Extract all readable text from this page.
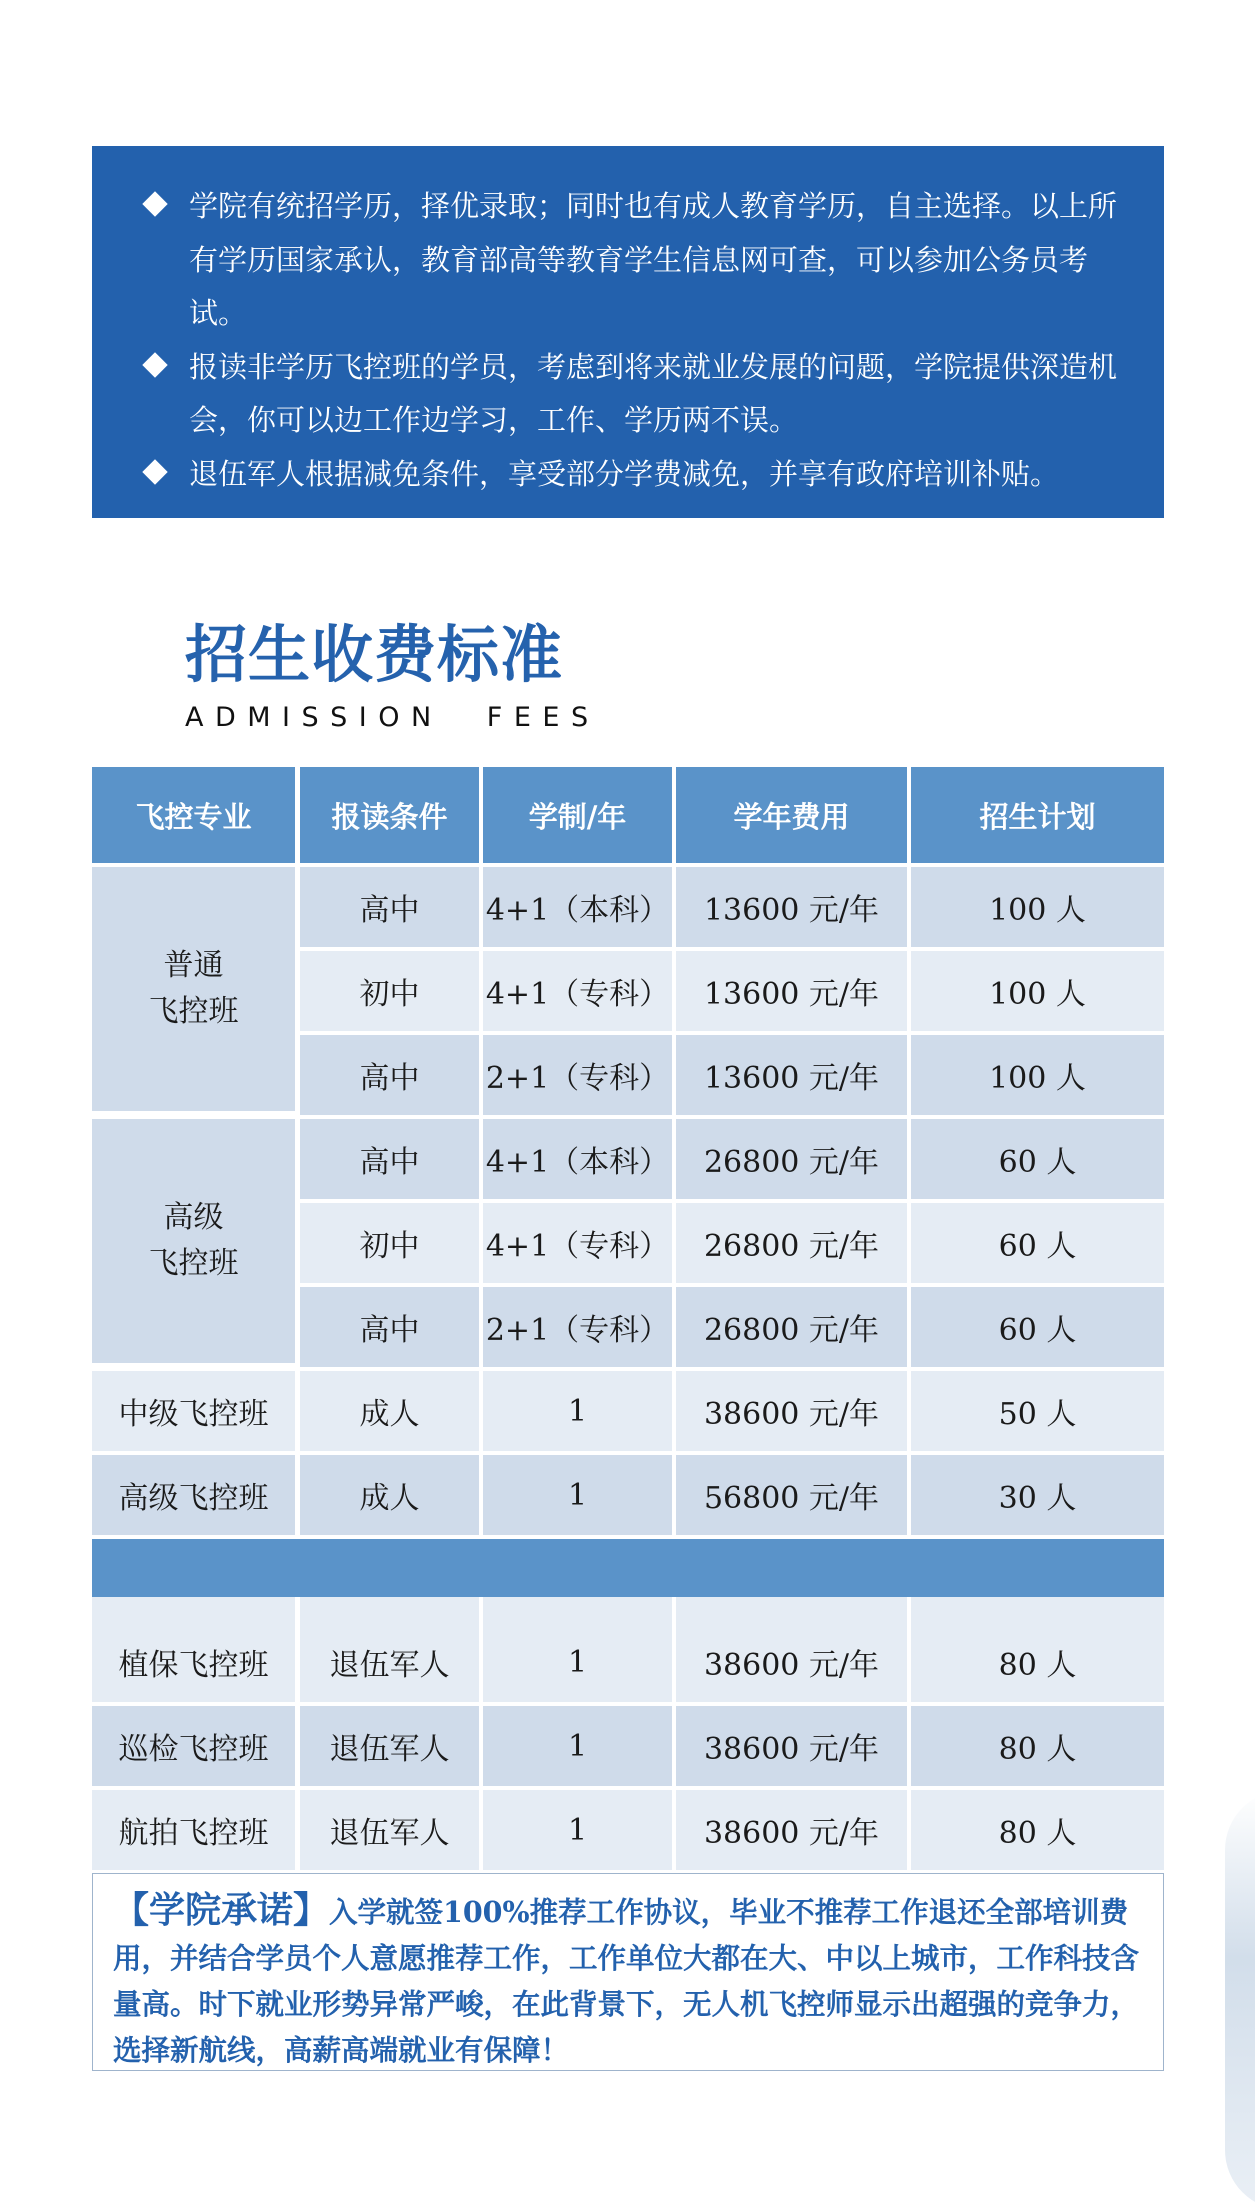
学院有统招学历，择优录取；同时也有成人教育学历，自主选择。以上所有学历国家承认，教育部高等教育学生信息网可查，可以参加公务员考试。
报读非学历飞控班的学员，考虑到将来就业发展的问题，学院提供深造机会，你可以边工作边学习，工作、学历两不误。
退伍军人根据减免条件，享受部分学费减免，并享有政府培训补贴。
招生收费标准
ADMISSION FEES
飞控专业	报读条件	学制/年	学年费用	招生计划
普通
飞控班
高中	4+1（本科）	13600 元/年	100 人
初中	4+1（专科）	13600 元/年	100 人
高中	2+1（专科）	13600 元/年	100 人
高级
飞控班
高中	4+1（本科）	26800 元/年	60 人
初中	4+1（专科）	26800 元/年	60 人
高中	2+1（专科）	26800 元/年	60 人
中级飞控班	成人	1	38600 元/年	50 人
高级飞控班	成人	1	56800 元/年	30 人
植保飞控班	退伍军人	1	38600 元/年	80 人
巡检飞控班	退伍军人	1	38600 元/年	80 人
航拍飞控班	退伍军人	1	38600 元/年	80 人
【学院承诺】入学就签100%推荐工作协议，毕业不推荐工作退还全部培训费用，并结合学员个人意愿推荐工作，工作单位大都在大、中以上城市，工作科技含量高。时下就业形势异常严峻，在此背景下，无人机飞控师显示出超强的竞争力，选择新航线，高薪高端就业有保障！
